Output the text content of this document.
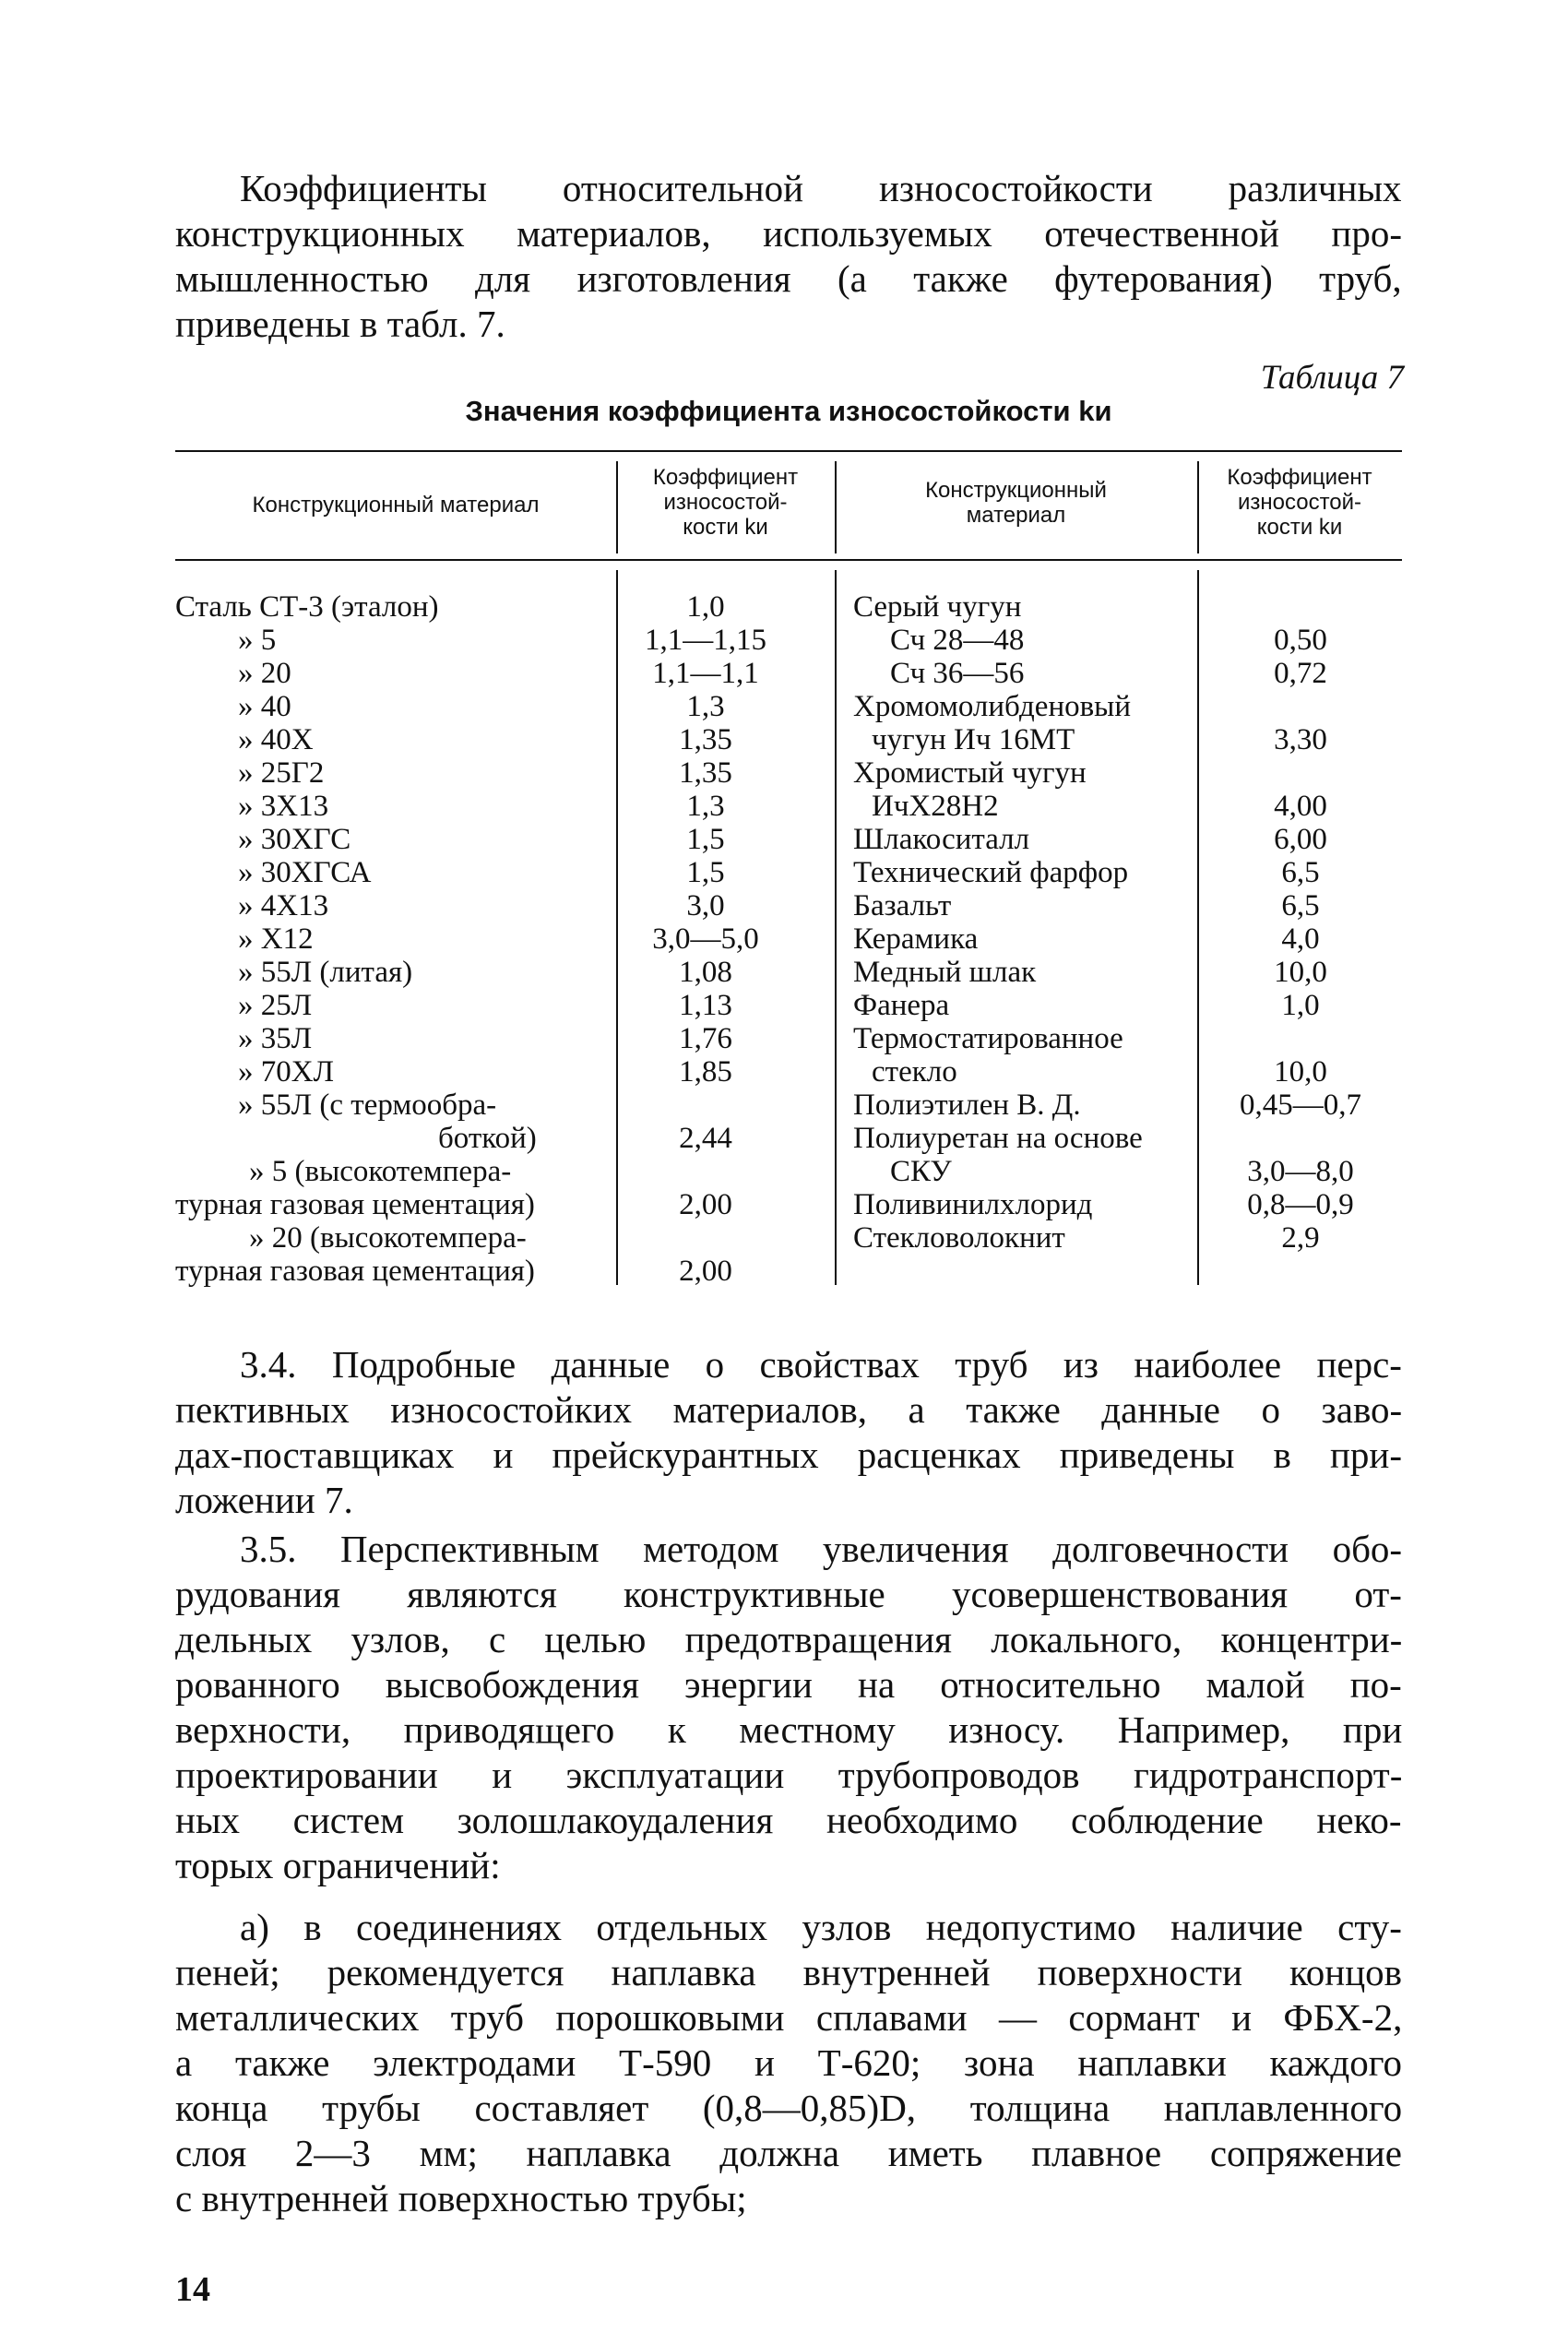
Коэффициенты относительной износостойкости различных
конструкционных материалов, используемых отечественной про-
мышленностью для изготовления (а также футерования) труб,
приведены в табл. 7.

Таблица 7
Значения коэффициента износостойкости kи
Конструкционный материал
Коэффициент
износостой-
кости kи
Конструкционный
материал
Коэффициент
износостой-
кости kи
Сталь СТ-3 (эталон)
» 5
» 20
» 40
» 40Х
» 25Г2
» 3Х13
» 30ХГС
» 30ХГСА
» 4Х13
» Х12
» 55Л (литая)
» 25Л
» 35Л
» 70ХЛ
» 55Л (с термообра-
боткой)
» 5 (высокотемпера-
турная газовая цементация)
» 20 (высокотемпера-
турная газовая цементация)
1,0
1,1—1,15
1,1—1,1
1,3
1,35
1,35
1,3
1,5
1,5
3,0
3,0—5,0
1,08
1,13
1,76
1,85
2,44
2,00
2,00
Серый чугун
Сч 28—48
Сч 36—56
Хромомолибденовый
чугун Ич 16МТ
Хромистый чугун
ИчХ28Н2
Шлакоситалл
Технический фарфор
Базальт
Керамика
Медный шлак
Фанера
Термостатированное
стекло
Полиэтилен В. Д.
Полиуретан на основе
СКУ
Поливинилхлорид
Стекловолокнит
0,50
0,72
3,30
4,00
6,00
6,5
6,5
4,0
10,0
1,0
10,0
0,45—0,7
3,0—8,0
0,8—0,9
2,9

3.4. Подробные данные о свойствах труб из наиболее перс-
пективных износостойких материалов, а также данные о заво-
дах-поставщиках и прейскурантных расценках приведены в при-
ложении 7.

3.5. Перспективным методом увеличения долговечности обо-
рудования являются конструктивные усовершенствования от-
дельных узлов, с целью предотвращения локального, концентри-
рованного высвобождения энергии на относительно малой по-
верхности, приводящего к местному износу. Например, при
проектировании и эксплуатации трубопроводов гидротранспорт-
ных систем золошлакоудаления необходимо соблюдение неко-
торых ограничений:

а) в соединениях отдельных узлов недопустимо наличие сту-
пеней; рекомендуется наплавка внутренней поверхности концов
металлических труб порошковыми сплавами — сормант и ФБХ-2,
а также электродами Т-590 и Т-620; зона наплавки каждого
конца трубы составляет (0,8—0,85)D, толщина наплавленного
слоя 2—3 мм; наплавка должна иметь плавное сопряжение
с внутренней поверхностью трубы;

14
